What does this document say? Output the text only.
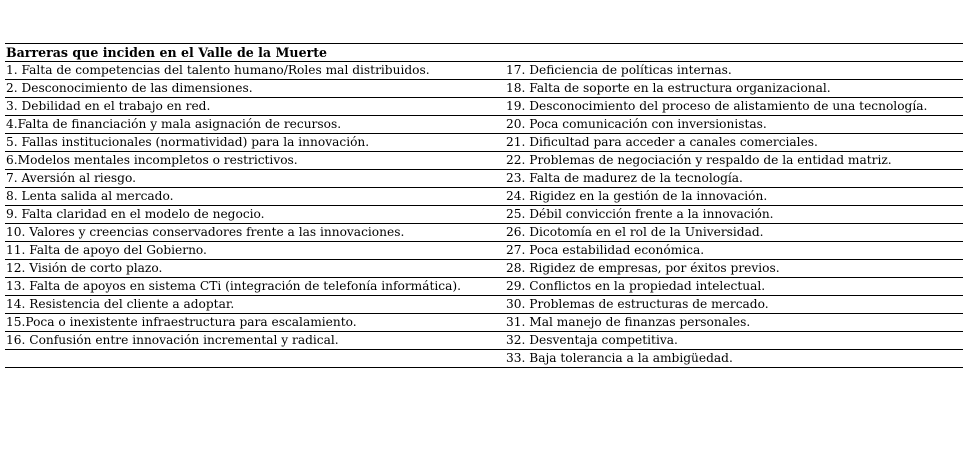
Barreras que inciden en el Valle de la Muerte	
1. Falta de competencias del talento humano/Roles mal distribuidos.	17. Deficiencia de políticas internas.
2. Desconocimiento de las dimensiones.	18. Falta de soporte en la estructura organizacional.
3. Debilidad en el trabajo en red.	19. Desconocimiento del proceso de alistamiento de una tecnología.
4.Falta de financiación y mala asignación de recursos.	20. Poca comunicación con inversionistas.
5. Fallas institucionales (normatividad) para la innovación.	21. Dificultad para acceder a canales comerciales.
6.Modelos mentales incompletos o restrictivos.	22. Problemas de negociación y respaldo de la entidad matriz.
7. Aversión al riesgo.	23. Falta de madurez de la tecnología.
8. Lenta salida al mercado.	24. Rigidez en la gestión de la innovación.
9. Falta claridad en el modelo de negocio.	25. Débil convicción frente a la innovación.
10. Valores y creencias conservadores frente a las innovaciones.	26. Dicotomía en el rol de la Universidad.
11. Falta de apoyo del Gobierno.	27. Poca estabilidad económica.
12. Visión de corto plazo.	28. Rigidez de empresas, por éxitos previos.
13. Falta de apoyos en sistema CTi (integración de telefonía informática).	29. Conflictos en la propiedad intelectual.
14. Resistencia del cliente a adoptar.	30. Problemas de estructuras de mercado.
15.Poca o inexistente infraestructura para escalamiento.	31. Mal manejo de finanzas personales.
16. Confusión entre innovación incremental y radical.	32. Desventaja competitiva.
	33. Baja tolerancia a la ambigüedad.
